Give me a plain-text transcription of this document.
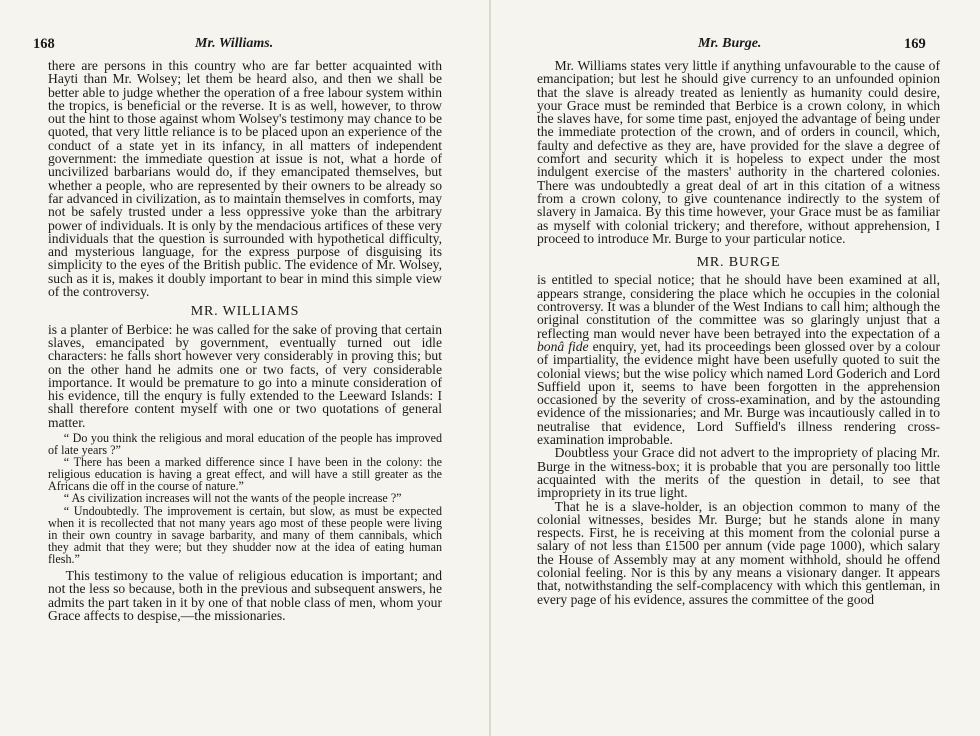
168	Mr. Williams.

there are persons in this country who are far better acquainted with Hayti than Mr. Wolsey; let them be heard also, and then we shall be better able to judge whether the operation of a free labour system within the tropics, is beneficial or the reverse. It is as well, however, to throw out the hint to those against whom Wolsey's testimony may chance to be quoted, that very little reliance is to be placed upon an experience of the conduct of a state yet in its infancy, in all matters of independent government: the immediate question at issue is not, what a horde of uncivilized barbarians would do, if they emancipated themselves, but whether a people, who are represented by their owners to be already so far advanced in civilization, as to maintain themselves in comforts, may not be safely trusted under a less oppressive yoke than the arbitrary power of individuals. It is only by the mendacious artifices of these very individuals that the question is surrounded with hypothetical difficulty, and mysterious language, for the express purpose of disguising its simplicity to the eyes of the British public. The evidence of Mr. Wolsey, such as it is, makes it doubly important to bear in mind this simple view of the controversy.

MR. WILLIAMS

is a planter of Berbice: he was called for the sake of proving that certain slaves, emancipated by government, eventually turned out idle characters: he falls short however very considerably in proving this; but on the other hand he admits one or two facts, of very considerable importance. It would be premature to go into a minute consideration of his evidence, till the enqury is fully extended to the Leeward Islands: I shall therefore content myself with one or two quotations of general matter.

“ Do you think the religious and moral education of the people has improved of late years ?”

“ There has been a marked difference since I have been in the colony: the religious education is having a great effect, and will have a still greater as the Africans die off in the course of nature.”

“ As civilization increases will not the wants of the people increase ?”

“ Undoubtedly. The improvement is certain, but slow, as must be expected when it is recollected that not many years ago most of these people were living in their own country in savage barbarity, and many of them cannibals, which they admit that they were; but they shudder now at the idea of eating human flesh.”

This testimony to the value of religious education is important; and not the less so because, both in the previous and subsequent answers, he admits the part taken in it by one of that noble class of men, whom your Grace affects to despise,—the missionaries.

Mr. Burge.	169

Mr. Williams states very little if anything unfavourable to the cause of emancipation; but lest he should give currency to an unfounded opinion that the slave is already treated as leniently as humanity could desire, your Grace must be reminded that Berbice is a crown colony, in which the slaves have, for some time past, enjoyed the advantage of being under the immediate protection of the crown, and of orders in council, which, faulty and defective as they are, have provided for the slave a degree of comfort and security which it is hopeless to expect under the most indulgent exercise of the masters' authority in the chartered colonies. There was undoubtedly a great deal of art in this citation of a witness from a crown colony, to give countenance indirectly to the system of slavery in Jamaica. By this time however, your Grace must be as familiar as myself with colonial trickery; and therefore, without apprehension, I proceed to introduce Mr. Burge to your particular notice.

MR. BURGE

is entitled to special notice; that he should have been examined at all, appears strange, considering the place which he occupies in the colonial controversy. It was a blunder of the West Indians to call him; although the original constitution of the committee was so glaringly unjust that a reflecting man would never have been betrayed into the expectation of a bonâ fide enquiry, yet, had its proceedings been glossed over by a colour of impartiality, the evidence might have been usefully quoted to suit the colonial views; but the wise policy which named Lord Goderich and Lord Suffield upon it, seems to have been forgotten in the apprehension occasioned by the severity of cross-examination, and by the astounding evidence of the missionaries; and Mr. Burge was incautiously called in to neutralise that evidence, Lord Suffield's illness rendering cross-examination improbable.

Doubtless your Grace did not advert to the impropriety of placing Mr. Burge in the witness-box; it is probable that you are personally too little acquainted with the merits of the question in detail, to see that impropriety in its true light.

That he is a slave-holder, is an objection common to many of the colonial witnesses, besides Mr. Burge; but he stands alone in many respects. First, he is receiving at this moment from the colonial purse a salary of not less than £1500 per annum (vide page 1000), which salary the House of Assembly may at any moment withhold, should he offend colonial feeling. Nor is this by any means a visionary danger. It appears that, notwithstanding the self-complacency with which this gentleman, in every page of his evidence, assures the committee of the good
